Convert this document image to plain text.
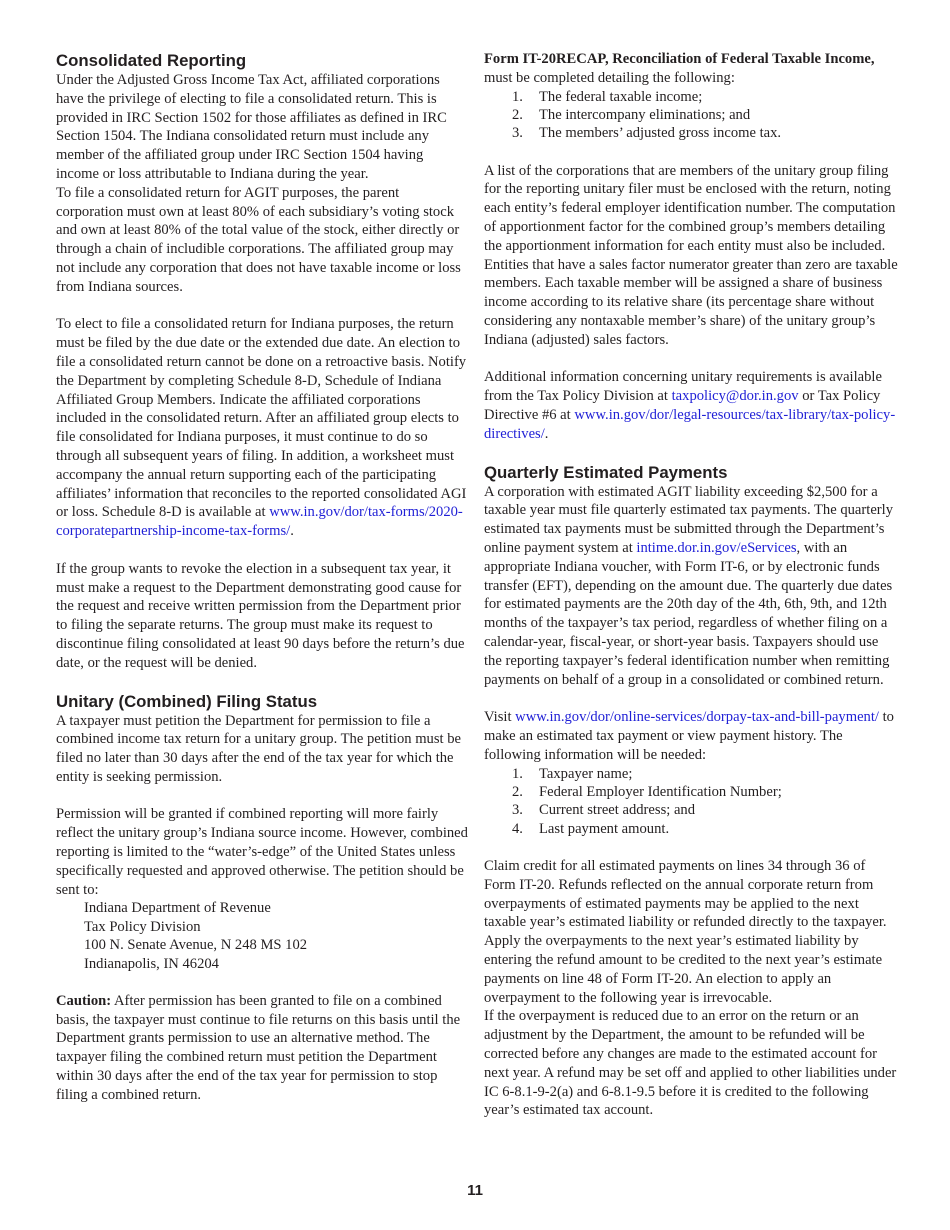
Consolidated Reporting

Under the Adjusted Gross Income Tax Act, affiliated corporations have the privilege of electing to file a consolidated return. This is provided in IRC Section 1502 for those affiliates as defined in IRC Section 1504. The Indiana consolidated return must include any member of the affiliated group under IRC Section 1504 having income or loss attributable to Indiana during the year.

To file a consolidated return for AGIT purposes, the parent corporation must own at least 80% of each subsidiary’s voting stock and own at least 80% of the total value of the stock, either directly or through a chain of includible corporations. The affiliated group may not include any corporation that does not have taxable income or loss from Indiana sources.

To elect to file a consolidated return for Indiana purposes, the return must be filed by the due date or the extended due date. An election to file a consolidated return cannot be done on a retroactive basis. Notify the Department by completing Schedule 8-D, Schedule of Indiana Affiliated Group Members. Indicate the affiliated corporations included in the consolidated return. After an affiliated group elects to file consolidated for Indiana purposes, it must continue to do so through all subsequent years of filing. In addition, a worksheet must accompany the annual return supporting each of the participating affiliates’ information that reconciles to the reported consolidated AGI or loss. Schedule 8-D is available at www.in.gov/dor/tax-forms/2020-corporatepartnership-income-tax-forms/.

If the group wants to revoke the election in a subsequent tax year, it must make a request to the Department demonstrating good cause for the request and receive written permission from the Department prior to filing the separate returns. The group must make its request to discontinue filing consolidated at least 90 days before the return’s due date, or the request will be denied.

Unitary (Combined) Filing Status

A taxpayer must petition the Department for permission to file a combined income tax return for a unitary group. The petition must be filed no later than 30 days after the end of the tax year for which the entity is seeking permission.

Permission will be granted if combined reporting will more fairly reflect the unitary group’s Indiana source income. However, combined reporting is limited to the “water’s-edge” of the United States unless specifically requested and approved otherwise. The petition should be sent to:

Indiana Department of Revenue
Tax Policy Division
100 N. Senate Avenue, N 248 MS 102
Indianapolis, IN 46204

Caution: After permission has been granted to file on a combined basis, the taxpayer must continue to file returns on this basis until the Department grants permission to use an alternative method. The taxpayer filing the combined return must petition the Department within 30 days after the end of the tax year for permission to stop filing a combined return.

Form IT-20RECAP, Reconciliation of Federal Taxable Income,
must be completed detailing the following:

1.	The federal taxable income;
2.	The intercompany eliminations; and
3.	The members’ adjusted gross income tax.

A list of the corporations that are members of the unitary group filing for the reporting unitary filer must be enclosed with the return, noting each entity’s federal employer identification number. The computation of apportionment factor for the combined group’s members detailing the apportionment information for each entity must also be included. Entities that have a sales factor numerator greater than zero are taxable members. Each taxable member will be assigned a share of business income according to its relative share (its percentage share without considering any nontaxable member’s share) of the unitary group’s Indiana (adjusted) sales factors.

Additional information concerning unitary requirements is available from the Tax Policy Division at taxpolicy@dor.in.gov or Tax Policy Directive #6 at www.in.gov/dor/legal-resources/tax-library/tax-policy-directives/.

Quarterly Estimated Payments

A corporation with estimated AGIT liability exceeding $2,500 for a taxable year must file quarterly estimated tax payments. The quarterly estimated tax payments must be submitted through the Department’s online payment system at intime.dor.in.gov/eServices, with an appropriate Indiana voucher, with Form IT-6, or by electronic funds transfer (EFT), depending on the amount due. The quarterly due dates for estimated payments are the 20th day of the 4th, 6th, 9th, and 12th months of the taxpayer’s tax period, regardless of whether filing on a calendar-year, fiscal-year, or short-year basis. Taxpayers should use the reporting taxpayer’s federal identification number when remitting payments on behalf of a group in a consolidated or combined return.

Visit www.in.gov/dor/online-services/dorpay-tax-and-bill-payment/ to make an estimated tax payment or view payment history. The following information will be needed:

1.	Taxpayer name;
2.	Federal Employer Identification Number;
3.	Current street address; and
4.	Last payment amount.

Claim credit for all estimated payments on lines 34 through 36 of Form IT-20. Refunds reflected on the annual corporate return from overpayments of estimated payments may be applied to the next taxable year’s estimated liability or refunded directly to the taxpayer. Apply the overpayments to the next year’s estimated liability by entering the refund amount to be credited to the next year’s estimate payments on line 48 of Form IT-20. An election to apply an overpayment to the following year is irrevocable.

If the overpayment is reduced due to an error on the return or an adjustment by the Department, the amount to be refunded will be corrected before any changes are made to the estimated account for next year. A refund may be set off and applied to other liabilities under IC 6-8.1-9-2(a) and 6-8.1-9.5 before it is credited to the following year’s estimated tax account.

11
